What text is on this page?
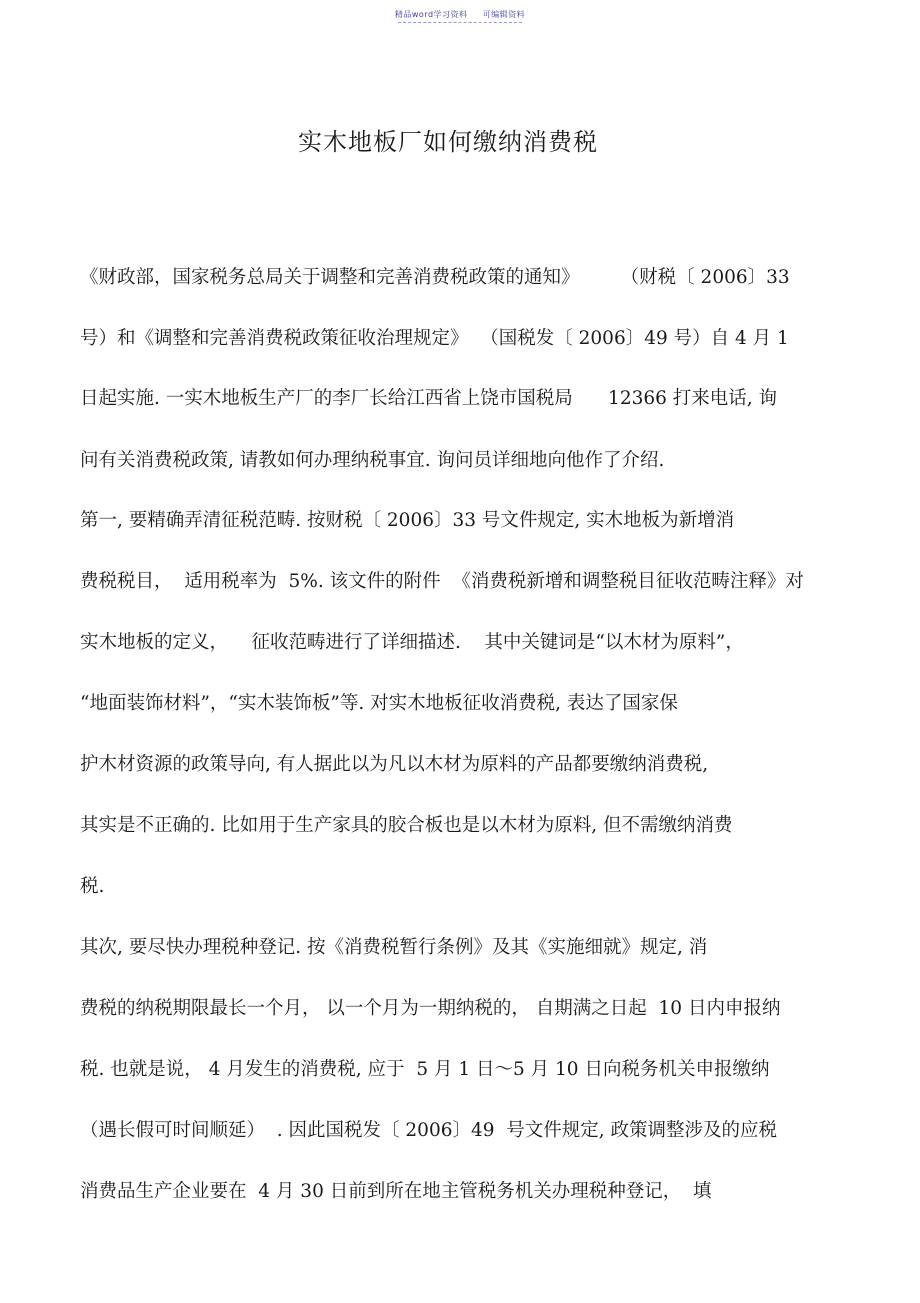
精品word学习资料 可编辑资料
实木地板厂如何缴纳消费税

《财政部，国家税务总局关于调整和完善消费税政策的通知》       （财税〔 2006〕33

号）和《调整和完善消费税政策征收治理规定》  （国税发〔 2006〕49 号）自 4 月 1

日起实施. 一实木地板生产厂的李厂长给江西省上饶市国税局      12366 打来电话, 询

问有关消费税政策, 请教如何办理纳税事宜. 询问员详细地向他作了介绍.

第一, 要精确弄清征税范畴. 按财税〔 2006〕33 号文件规定, 实木地板为新增消

费税税目，  适用税率为  5%. 该文件的附件  《消费税新增和调整税目征收范畴注释》对

实木地板的定义，    征收范畴进行了详细描述.    其中关键词是“以木材为原料”，

“地面装饰材料”，“实木装饰板”等. 对实木地板征收消费税, 表达了国家保

护木材资源的政策导向, 有人据此以为凡以木材为原料的产品都要缴纳消费税,

其实是不正确的. 比如用于生产家具的胶合板也是以木材为原料, 但不需缴纳消费

税.

其次, 要尽快办理税种登记. 按《消费税暂行条例》及其《实施细就》规定, 消

费税的纳税期限最长一个月， 以一个月为一期纳税的， 自期满之日起  10 日内申报纳

税. 也就是说， 4 月发生的消费税, 应于  5 月 1 日～5 月 10 日向税务机关申报缴纳

（遇长假可时间顺延）  . 因此国税发〔 2006〕49  号文件规定, 政策调整涉及的应税

消费品生产企业要在  4 月 30 日前到所在地主管税务机关办理税种登记，  填
